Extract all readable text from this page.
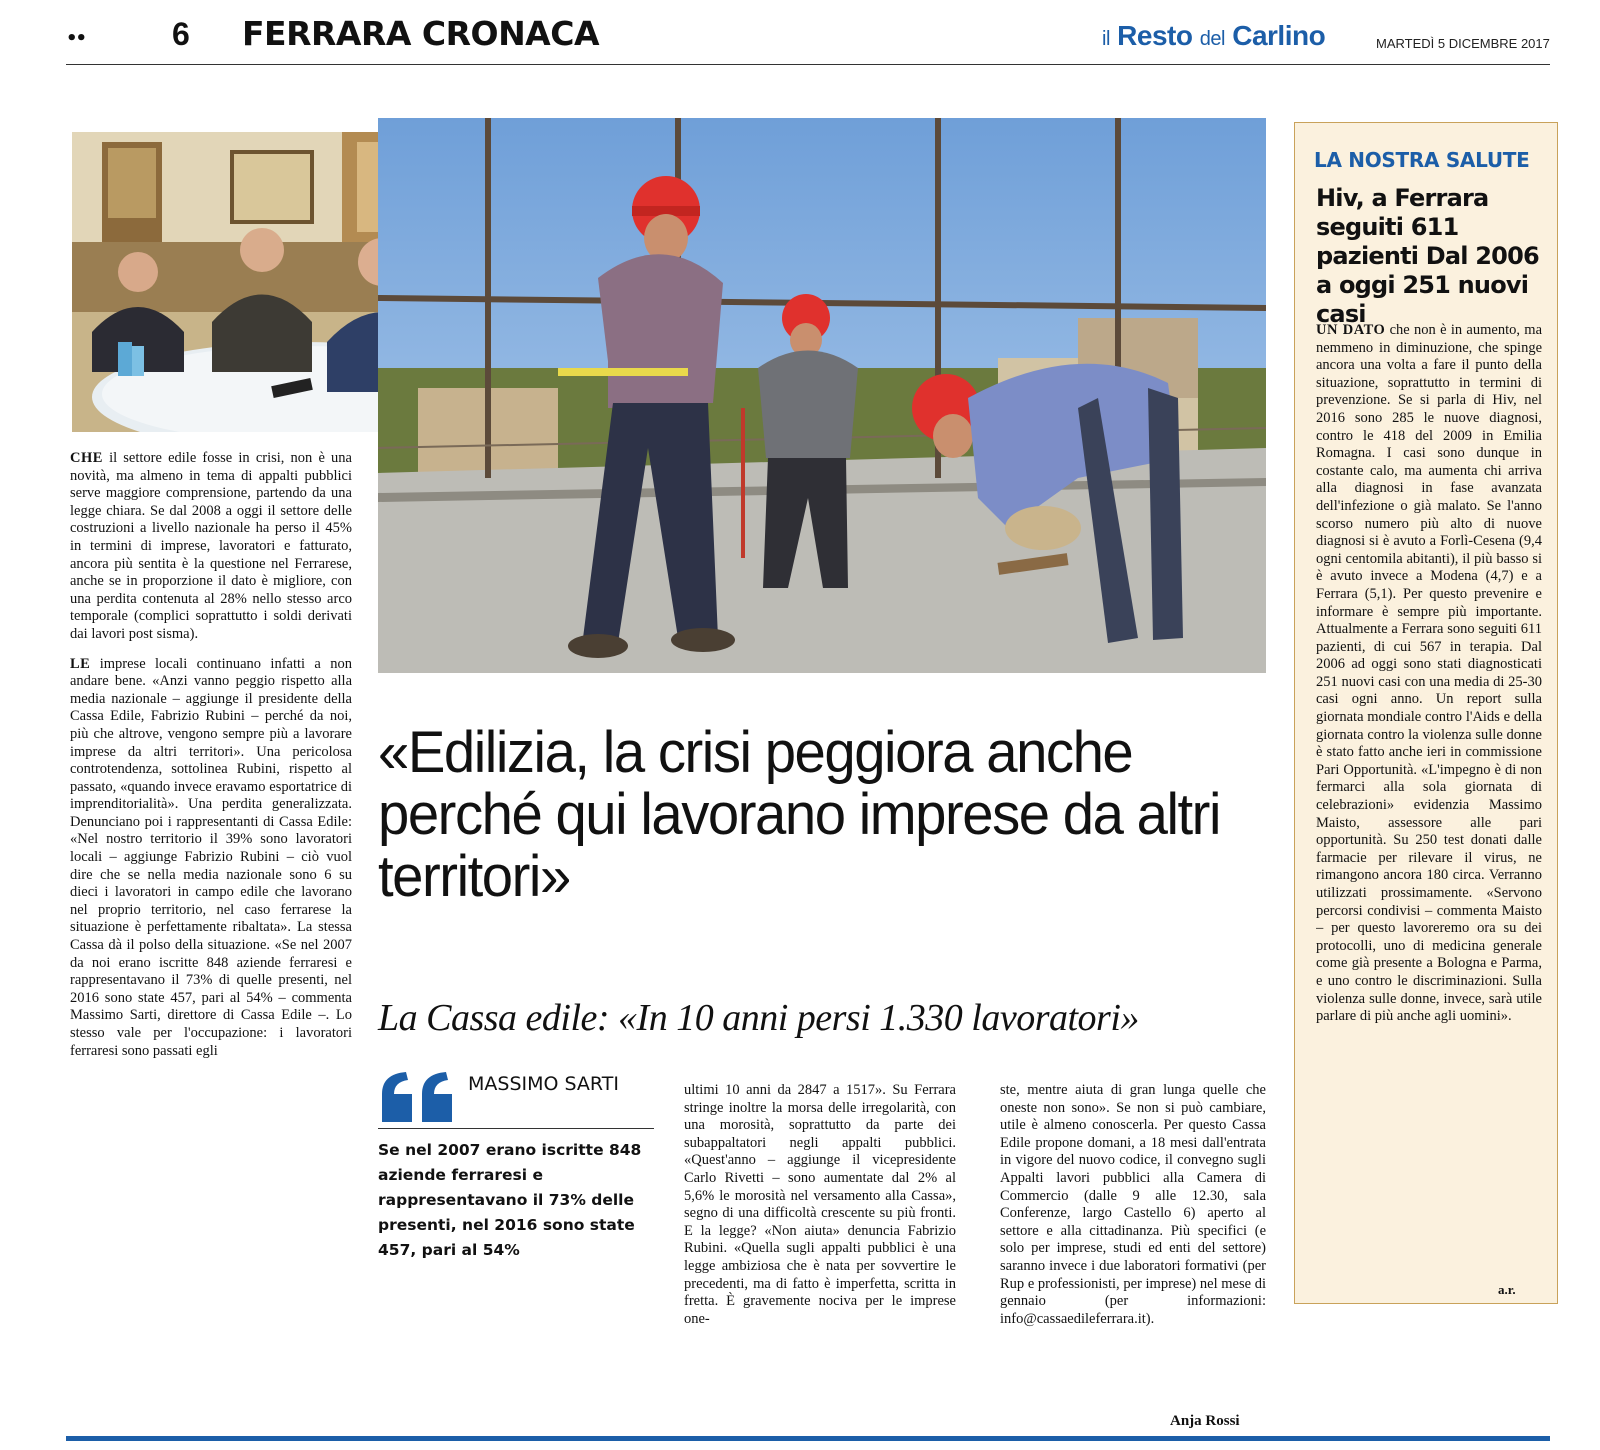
••	6 FERRARA CRONACA	il Resto del Carlino	MARTEDÌ 5 DICEMBRE 2017
«Edilizia, la crisi peggiora anche perché qui lavorano imprese da altri territori»
La Cassa edile: «In 10 anni persi 1.330 lavoratori»

CHE il settore edile fosse in crisi, non è una novità, ma almeno in tema di appalti pubblici serve maggiore comprensione, partendo da una legge chiara. Se dal 2008 a oggi il settore delle costruzioni a livello nazionale ha perso il 45% in termini di imprese, lavoratori e fatturato, ancora più sentita è la questione nel Ferrarese, anche se in proporzione il dato è migliore, con una perdita contenuta al 28% nello stesso arco temporale (complici soprattutto i soldi derivati dai lavori post sisma).

LE imprese locali continuano infatti a non andare bene. «Anzi vanno peggio rispetto alla media nazionale – aggiunge il presidente della Cassa Edile, Fabrizio Rubini – perché da noi, più che altrove, vengono sempre più a lavorare imprese da altri territori». Una pericolosa controtendenza, sottolinea Rubini, rispetto al passato, «quando invece eravamo esportatrice di imprenditorialità». Una perdita generalizzata. Denunciano poi i rappresentanti di Cassa Edile: «Nel nostro territorio il 39% sono lavoratori locali – aggiunge Fabrizio Rubini – ciò vuol dire che se nella media nazionale sono 6 su dieci i lavoratori in campo edile che lavorano nel proprio territorio, nel caso ferrarese la situazione è perfettamente ribaltata». La stessa Cassa dà il polso della situazione. «Se nel 2007 da noi erano iscritte 848 aziende ferraresi e rappresentavano il 73% di quelle presenti, nel 2016 sono state 457, pari al 54% – commenta Massimo Sarti, direttore di Cassa Edile –. Lo stesso vale per l'occupazione: i lavoratori ferraresi sono passati egli

MASSIMO SARTI
Se nel 2007 erano iscritte 848 aziende ferraresi e rappresentavano il 73% delle presenti, nel 2016 sono state 457, pari al 54%
ultimi 10 anni da 2847 a 1517». Su Ferrara stringe inoltre la morsa delle irregolarità, con una morosità, soprattutto da parte dei subappaltatori negli appalti pubblici. «Quest'anno – aggiunge il vicepresidente Carlo Rivetti – sono aumentate dal 2% al 5,6% le morosità nel versamento alla Cassa», segno di una difficoltà crescente su più fronti. E la legge? «Non aiuta» denuncia Fabrizio Rubini. «Quella sugli appalti pubblici è una legge ambiziosa che è nata per sovvertire le precedenti, ma di fatto è imperfetta, scritta in fretta. È gravemente nociva per le imprese one-
ste, mentre aiuta di gran lunga quelle che oneste non sono». Se non si può cambiare, utile è almeno conoscerla. Per questo Cassa Edile propone domani, a 18 mesi dall'entrata in vigore del nuovo codice, il convegno sugli Appalti lavori pubblici alla Camera di Commercio (dalle 9 alle 12.30, sala Conferenze, largo Castello 6) aperto al settore e alla cittadinanza. Più specifici (e solo per imprese, studi ed enti del settore) saranno invece i due laboratori formativi (per Rup e professionisti, per imprese) nel mese di gennaio (per informazioni: info@cassaedileferrara.it).
Anja Rossi
LA NOSTRA SALUTE
Hiv, a Ferrara seguiti 611 pazienti Dal 2006 a oggi 251 nuovi casi
UN DATO che non è in aumento, ma nemmeno in diminuzione, che spinge ancora una volta a fare il punto della situazione, soprattutto in termini di prevenzione. Se si parla di Hiv, nel 2016 sono 285 le nuove diagnosi, contro le 418 del 2009 in Emilia Romagna. I casi sono dunque in costante calo, ma aumenta chi arriva alla diagnosi in fase avanzata dell'infezione o già malato. Se l'anno scorso numero più alto di nuove diagnosi si è avuto a Forlì-Cesena (9,4 ogni centomila abitanti), il più basso si è avuto invece a Modena (4,7) e a Ferrara (5,1). Per questo prevenire e informare è sempre più importante. Attualmente a Ferrara sono seguiti 611 pazienti, di cui 567 in terapia. Dal 2006 ad oggi sono stati diagnosticati 251 nuovi casi con una media di 25-30 casi ogni anno. Un report sulla giornata mondiale contro l'Aids e della giornata contro la violenza sulle donne è stato fatto anche ieri in commissione Pari Opportunità. «L'impegno è di non fermarci alla sola giornata di celebrazioni» evidenzia Massimo Maisto, assessore alle pari opportunità. Su 250 test donati dalle farmacie per rilevare il virus, ne rimangono ancora 180 circa. Verranno utilizzati prossimamente. «Servono percorsi condivisi – commenta Maisto – per questo lavoreremo ora su dei protocolli, uno di medicina generale come già presente a Bologna e Parma, e uno contro le discriminazioni. Sulla violenza sulle donne, invece, sarà utile parlare di più anche agli uomini».
a.r.
